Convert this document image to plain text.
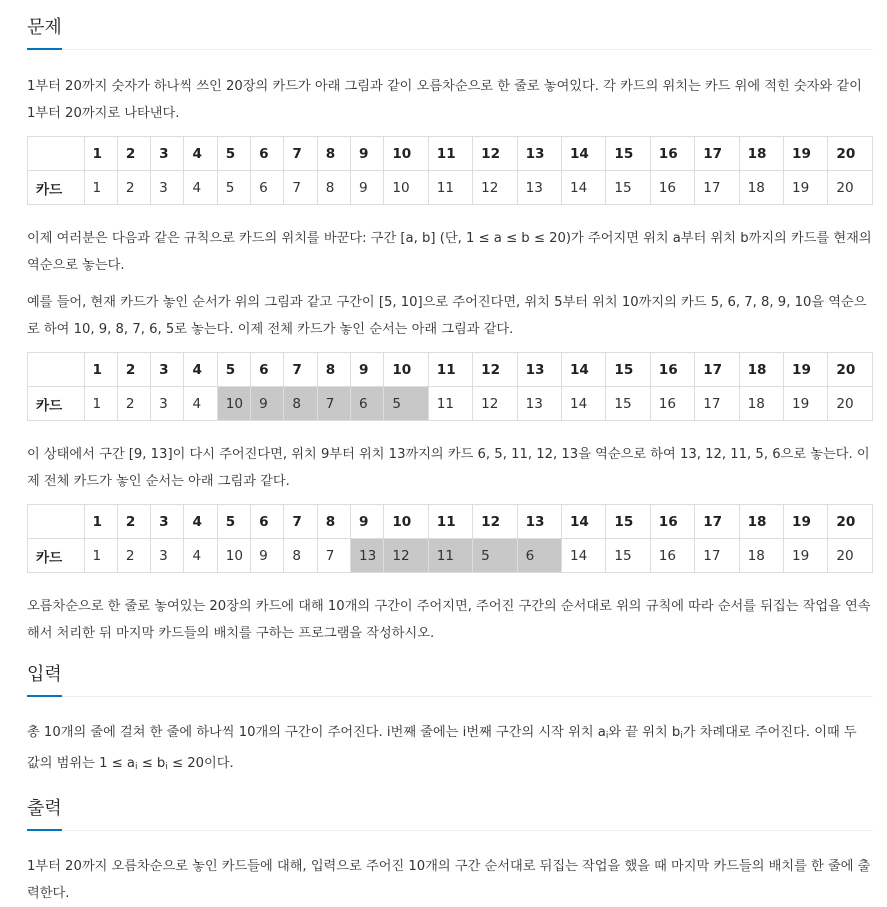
문제

1부터 20까지 숫자가 하나씩 쓰인 20장의 카드가 아래 그림과 같이 오름차순으로 한 줄로 놓여있다. 각 카드의 위치는 카드 위에 적힌 숫자와 같이 1부터 20까지로 나타낸다.

	1	2	3	4	5	6	7	8	9	10	11	12	13	14	15	16	17	18	19	20
카드	1	2	3	4	5	6	7	8	9	10	11	12	13	14	15	16	17	18	19	20

이제 여러분은 다음과 같은 규칙으로 카드의 위치를 바꾼다: 구간 [a, b] (단, 1 ≤ a ≤ b ≤ 20)가 주어지면 위치 a부터 위치 b까지의 카드를 현재의 역순으로 놓는다.

예를 들어, 현재 카드가 놓인 순서가 위의 그림과 같고 구간이 [5, 10]으로 주어진다면, 위치 5부터 위치 10까지의 카드 5, 6, 7, 8, 9, 10을 역순으로 하여 10, 9, 8, 7, 6, 5로 놓는다. 이제 전체 카드가 놓인 순서는 아래 그림과 같다.

	1	2	3	4	5	6	7	8	9	10	11	12	13	14	15	16	17	18	19	20
카드	1	2	3	4	10	9	8	7	6	5	11	12	13	14	15	16	17	18	19	20

이 상태에서 구간 [9, 13]이 다시 주어진다면, 위치 9부터 위치 13까지의 카드 6, 5, 11, 12, 13을 역순으로 하여 13, 12, 11, 5, 6으로 놓는다. 이제 전체 카드가 놓인 순서는 아래 그림과 같다.

	1	2	3	4	5	6	7	8	9	10	11	12	13	14	15	16	17	18	19	20
카드	1	2	3	4	10	9	8	7	13	12	11	5	6	14	15	16	17	18	19	20

오름차순으로 한 줄로 놓여있는 20장의 카드에 대해 10개의 구간이 주어지면, 주어진 구간의 순서대로 위의 규칙에 따라 순서를 뒤집는 작업을 연속해서 처리한 뒤 마지막 카드들의 배치를 구하는 프로그램을 작성하시오.

입력

총 10개의 줄에 걸쳐 한 줄에 하나씩 10개의 구간이 주어진다. i번째 줄에는 i번째 구간의 시작 위치 $a_i$와 끝 위치 $b_i$가 차례대로 주어진다. 이때 두 값의 범위는 $1 \le a_i \le b_i \le 20$이다.

출력

1부터 20까지 오름차순으로 놓인 카드들에 대해, 입력으로 주어진 10개의 구간 순서대로 뒤집는 작업을 했을 때 마지막 카드들의 배치를 한 줄에 출력한다.
